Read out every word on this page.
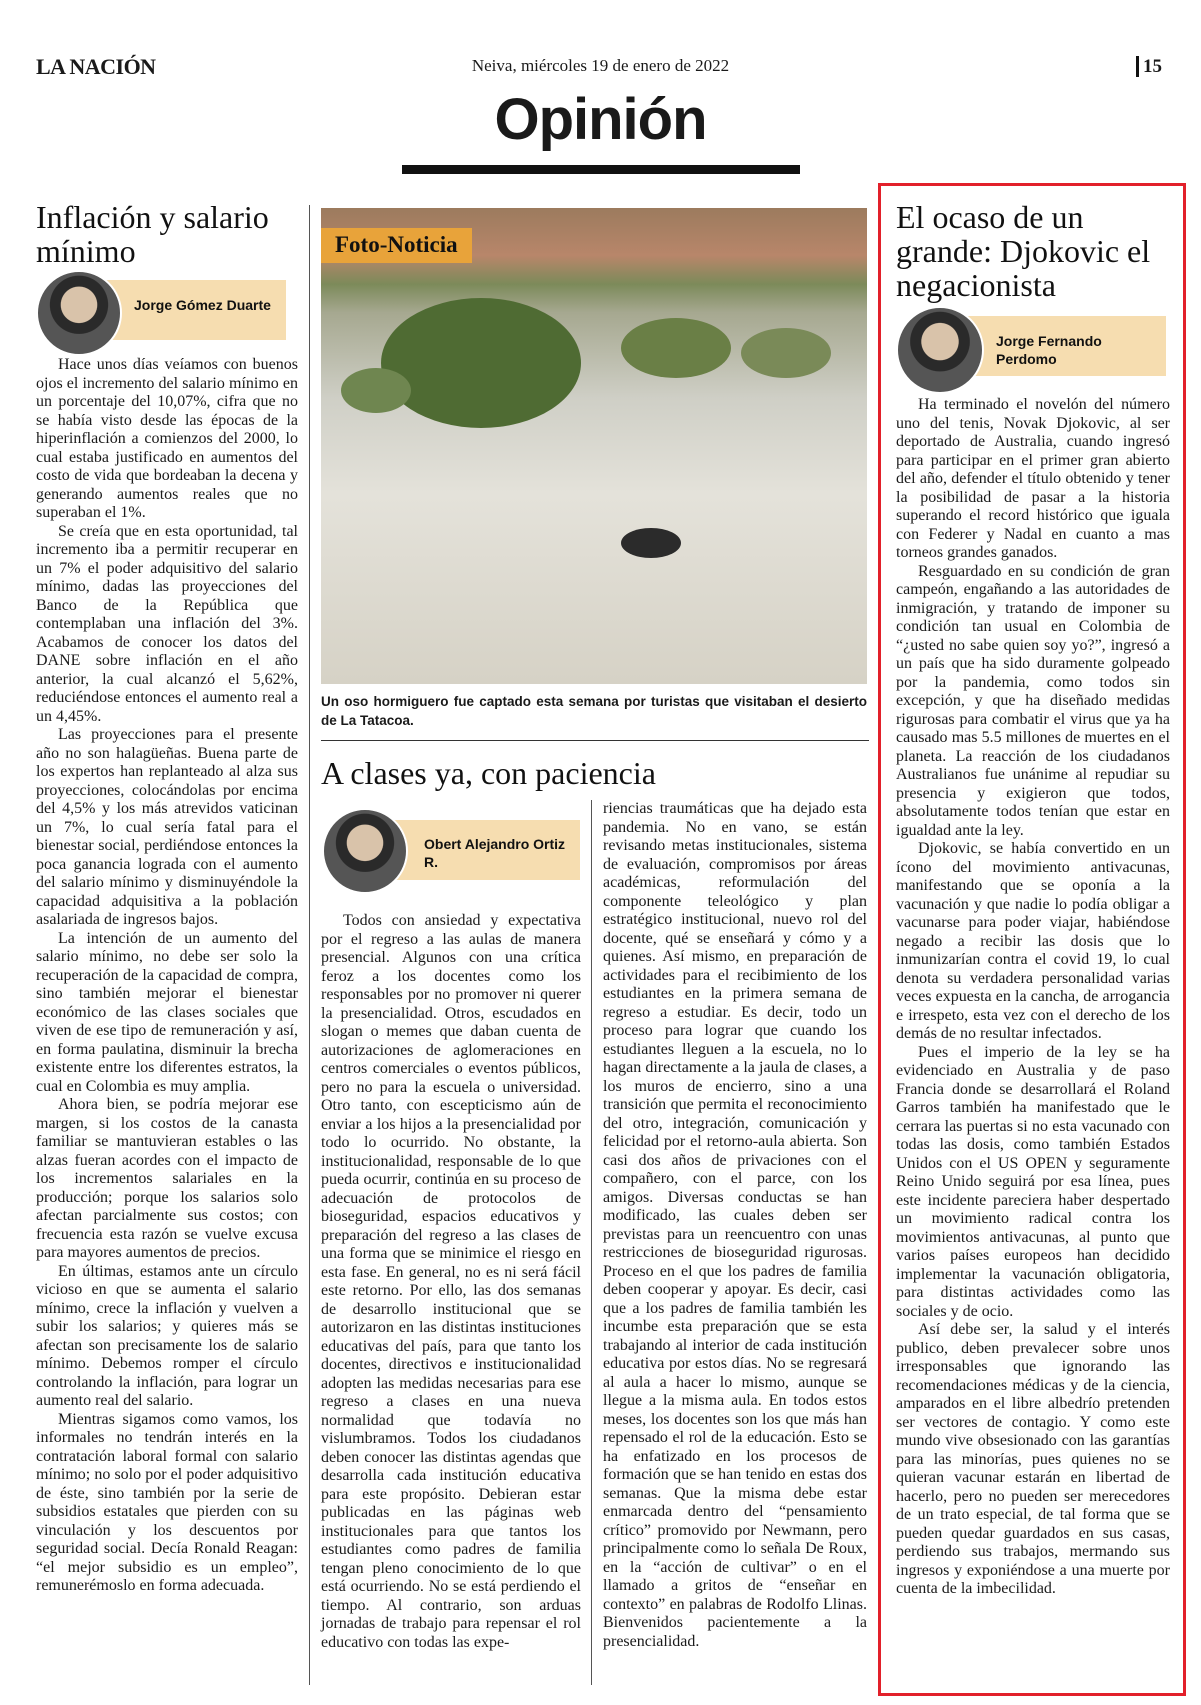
LA NACIÓN	Neiva, miércoles 19 de enero de 2022	15
Opinión
Inflación y salario mínimo
Jorge Gómez Duarte

Hace unos días veíamos con buenos ojos el incremento del salario mínimo en un porcentaje del 10,07%, cifra que no se había visto desde las épocas de la hiperinflación a comienzos del 2000, lo cual estaba justificado en aumentos del costo de vida que bordeaban la decena y generando aumentos reales que no superaban el 1%.

Se creía que en esta oportunidad, tal incremento iba a permitir recuperar en un 7% el poder adquisitivo del salario mínimo, dadas las proyecciones del Banco de la República que contemplaban una inflación del 3%. Acabamos de conocer los datos del DANE sobre inflación en el año anterior, la cual alcanzó el 5,62%, reduciéndose entonces el aumento real a un 4,45%.

Las proyecciones para el presente año no son halagüeñas. Buena parte de los expertos han replanteado al alza sus proyecciones, colocándolas por encima del 4,5% y los más atrevidos vaticinan un 7%, lo cual sería fatal para el bienestar social, perdiéndose entonces la poca ganancia lograda con el aumento del salario mínimo y disminuyéndole la capacidad adquisitiva a la población asalariada de ingresos bajos.

La intención de un aumento del salario mínimo, no debe ser solo la recuperación de la capacidad de compra, sino también mejorar el bienestar económico de las clases sociales que viven de ese tipo de remuneración y así, en forma paulatina, disminuir la brecha existente entre los diferentes estratos, la cual en Colombia es muy amplia.

Ahora bien, se podría mejorar ese margen, si los costos de la canasta familiar se mantuvieran estables o las alzas fueran acordes con el impacto de los incrementos salariales en la producción; porque los salarios solo afectan parcialmente sus costos; con frecuencia esta razón se vuelve excusa para mayores aumentos de precios.

En últimas, estamos ante un círculo vicioso en que se aumenta el salario mínimo, crece la inflación y vuelven a subir los salarios; y quieres más se afectan son precisamente los de salario mínimo. Debemos romper el círculo controlando la inflación, para lograr un aumento real del salario.

Mientras sigamos como vamos, los informales no tendrán interés en la contratación laboral formal con salario mínimo; no solo por el poder adquisitivo de éste, sino también por la serie de subsidios estatales que pierden con su vinculación y los descuentos por seguridad social. Decía Ronald Reagan: “el mejor subsidio es un empleo”, remunerémoslo en forma adecuada.

Foto-Noticia
Un oso hormiguero fue captado esta semana por turistas que visitaban el desierto de La Tatacoa.
A clases ya, con paciencia
Obert Alejandro Ortiz R.

Todos con ansiedad y expectativa por el regreso a las aulas de manera presencial. Algunos con una crítica feroz a los docentes como los responsables por no promover ni querer la presencialidad. Otros, escudados en slogan o memes que daban cuenta de autorizaciones de aglomeraciones en centros comerciales o eventos públicos, pero no para la escuela o universidad. Otro tanto, con escepticismo aún de enviar a los hijos a la presencialidad por todo lo ocurrido. No obstante, la institucionalidad, responsable de lo que pueda ocurrir, continúa en su proceso de adecuación de protocolos de bioseguridad, espacios educativos y preparación del regreso a las clases de una forma que se minimice el riesgo en esta fase. En general, no es ni será fácil este retorno. Por ello, las dos semanas de desarrollo institucional que se autorizaron en las distintas instituciones educativas del país, para que tanto los docentes, directivos e institucionalidad adopten las medidas necesarias para ese regreso a clases en una nueva normalidad que todavía no vislumbramos. Todos los ciudadanos deben conocer las distintas agendas que desarrolla cada institución educativa para este propósito. Debieran estar publicadas en las páginas web institucionales para que tantos los estudiantes como padres de familia tengan pleno conocimiento de lo que está ocurriendo. No se está perdiendo el tiempo. Al contrario, son arduas jornadas de trabajo para repensar el rol educativo con todas las expe-

riencias traumáticas que ha dejado esta pandemia. No en vano, se están revisando metas institucionales, sistema de evaluación, compromisos por áreas académicas, reformulación del componente teleológico y plan estratégico institucional, nuevo rol del docente, qué se enseñará y cómo y a quienes. Así mismo, en preparación de actividades para el recibimiento de los estudiantes en la primera semana de regreso a estudiar. Es decir, todo un proceso para lograr que cuando los estudiantes lleguen a la escuela, no lo hagan directamente a la jaula de clases, a los muros de encierro, sino a una transición que permita el reconocimiento del otro, integración, comunicación y felicidad por el retorno-aula abierta. Son casi dos años de privaciones con el compañero, con el parce, con los amigos. Diversas conductas se han modificado, las cuales deben ser previstas para un reencuentro con unas restricciones de bioseguridad rigurosas. Proceso en el que los padres de familia deben cooperar y apoyar. Es decir, casi que a los padres de familia también les incumbe esta preparación que se esta trabajando al interior de cada institución educativa por estos días. No se regresará al aula a hacer lo mismo, aunque se llegue a la misma aula. En todos estos meses, los docentes son los que más han repensado el rol de la educación. Esto se ha enfatizado en los procesos de formación que se han tenido en estas dos semanas. Que la misma debe estar enmarcada dentro del “pensamiento crítico” promovido por Newmann, pero principalmente como lo señala De Roux, en la “acción de cultivar” o en el llamado a gritos de “enseñar en contexto” en palabras de Rodolfo Llinas. Bienvenidos pacientemente a la presencialidad.

El ocaso de un grande: Djokovic el negacionista
Jorge Fernando Perdomo

Ha terminado el novelón del número uno del tenis, Novak Djokovic, al ser deportado de Australia, cuando ingresó para participar en el primer gran abierto del año, defender el título obtenido y tener la posibilidad de pasar a la historia superando el record histórico que iguala con Federer y Nadal en cuanto a mas torneos grandes ganados.

Resguardado en su condición de gran campeón, engañando a las autoridades de inmigración, y tratando de imponer su condición tan usual en Colombia de “¿usted no sabe quien soy yo?”, ingresó a un país que ha sido duramente golpeado por la pandemia, como todos sin excepción, y que ha diseñado medidas rigurosas para combatir el virus que ya ha causado mas 5.5 millones de muertes en el planeta. La reacción de los ciudadanos Australianos fue unánime al repudiar su presencia y exigieron que todos, absolutamente todos tenían que estar en igualdad ante la ley.

Djokovic, se había convertido en un ícono del movimiento antivacunas, manifestando que se oponía a la vacunación y que nadie lo podía obligar a vacunarse para poder viajar, habiéndose negado a recibir las dosis que lo inmunizarían contra el covid 19, lo cual denota su verdadera personalidad varias veces expuesta en la cancha, de arrogancia e irrespeto, esta vez con el derecho de los demás de no resultar infectados.

Pues el imperio de la ley se ha evidenciado en Australia y de paso Francia donde se desarrollará el Roland Garros también ha manifestado que le cerrara las puertas si no esta vacunado con todas las dosis, como también Estados Unidos con el US OPEN y seguramente Reino Unido seguirá por esa línea, pues este incidente pareciera haber despertado un movimiento radical contra los movimientos antivacunas, al punto que varios países europeos han decidido implementar la vacunación obligatoria, para distintas actividades como las sociales y de ocio.

Así debe ser, la salud y el interés publico, deben prevalecer sobre unos irresponsables que ignorando las recomendaciones médicas y de la ciencia, amparados en el libre albedrío pretenden ser vectores de contagio. Y como este mundo vive obsesionado con las garantías para las minorías, pues quienes no se quieran vacunar estarán en libertad de hacerlo, pero no pueden ser merecedores de un trato especial, de tal forma que se pueden quedar guardados en sus casas, perdiendo sus trabajos, mermando sus ingresos y exponiéndose a una muerte por cuenta de la imbecilidad.
